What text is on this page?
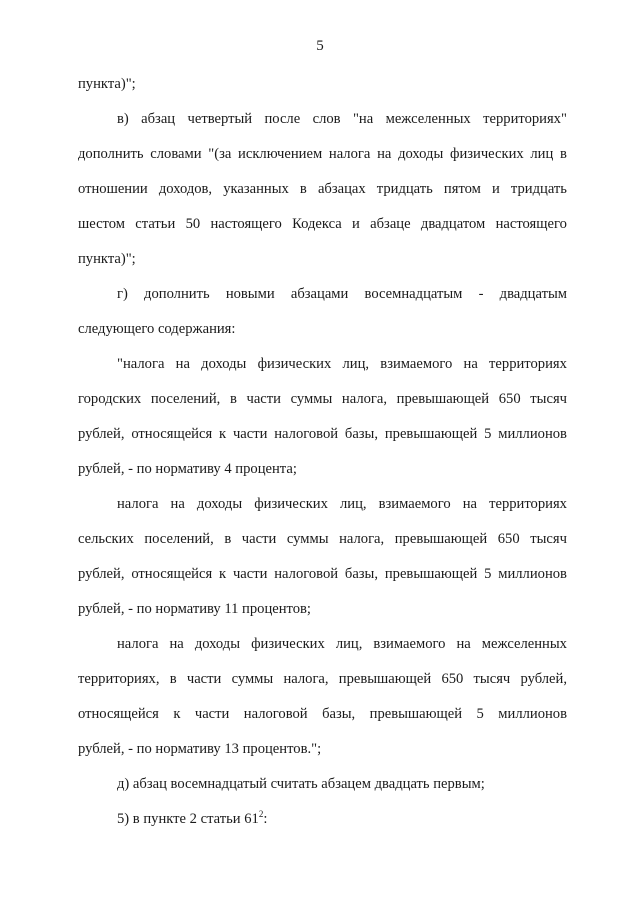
5
пункта)";
в) абзац четвертый после слов "на межселенных территориях"
дополнить словами "(за исключением налога на доходы физических лиц в
отношении доходов, указанных в абзацах тридцать пятом и тридцать
шестом статьи 50 настоящего Кодекса и абзаце двадцатом настоящего
пункта)";
г) дополнить новыми абзацами восемнадцатым - двадцатым
следующего содержания:
"налога на доходы физических лиц, взимаемого на территориях
городских поселений, в части суммы налога, превышающей 650 тысяч
рублей, относящейся к части налоговой базы, превышающей 5 миллионов
рублей, - по нормативу 4 процента;
налога на доходы физических лиц, взимаемого на территориях
сельских поселений, в части суммы налога, превышающей 650 тысяч
рублей, относящейся к части налоговой базы, превышающей 5 миллионов
рублей, - по нормативу 11 процентов;
налога на доходы физических лиц, взимаемого на межселенных
территориях, в части суммы налога, превышающей 650 тысяч рублей,
относящейся к части налоговой базы, превышающей 5 миллионов
рублей, - по нормативу 13 процентов.";
д) абзац восемнадцатый считать абзацем двадцать первым;
5) в пункте 2 статьи $61^2$:
